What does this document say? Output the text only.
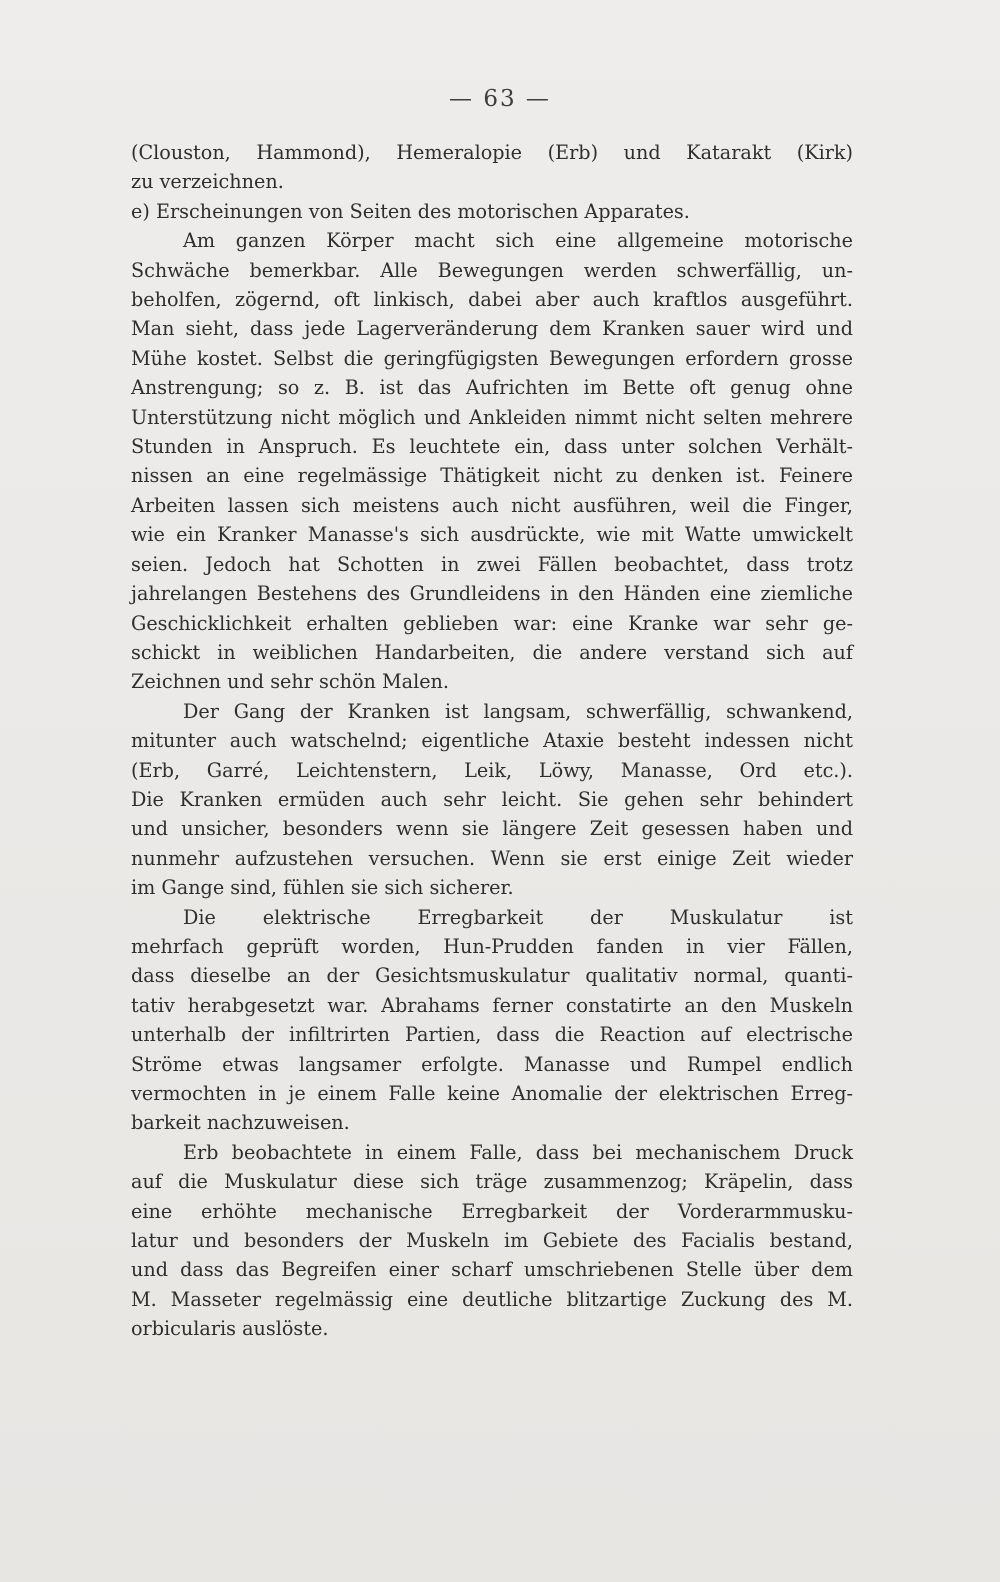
— 63 —
(Clouston, Hammond), Hemeralopie (Erb) und Katarakt (Kirk)
zu verzeichnen.
e) Erscheinungen von Seiten des motorischen Apparates.
Am ganzen Körper macht sich eine allgemeine motorische
Schwäche bemerkbar. Alle Bewegungen werden schwerfällig, un-
beholfen, zögernd, oft linkisch, dabei aber auch kraftlos ausgeführt.
Man sieht, dass jede Lagerveränderung dem Kranken sauer wird und
Mühe kostet. Selbst die geringfügigsten Bewegungen erfordern grosse
Anstrengung; so z. B. ist das Aufrichten im Bette oft genug ohne
Unterstützung nicht möglich und Ankleiden nimmt nicht selten mehrere
Stunden in Anspruch. Es leuchtete ein, dass unter solchen Verhält-
nissen an eine regelmässige Thätigkeit nicht zu denken ist. Feinere
Arbeiten lassen sich meistens auch nicht ausführen, weil die Finger,
wie ein Kranker Manasse's sich ausdrückte, wie mit Watte umwickelt
seien. Jedoch hat Schotten in zwei Fällen beobachtet, dass trotz
jahrelangen Bestehens des Grundleidens in den Händen eine ziemliche
Geschicklichkeit erhalten geblieben war: eine Kranke war sehr ge-
schickt in weiblichen Handarbeiten, die andere verstand sich auf
Zeichnen und sehr schön Malen.
Der Gang der Kranken ist langsam, schwerfällig, schwankend,
mitunter auch watschelnd; eigentliche Ataxie besteht indessen nicht
(Erb, Garré, Leichtenstern, Leik, Löwy, Manasse, Ord etc.).
Die Kranken ermüden auch sehr leicht. Sie gehen sehr behindert
und unsicher, besonders wenn sie längere Zeit gesessen haben und
nunmehr aufzustehen versuchen. Wenn sie erst einige Zeit wieder
im Gange sind, fühlen sie sich sicherer.
Die elektrische Erregbarkeit der Muskulatur ist
mehrfach geprüft worden, Hun-Prudden fanden in vier Fällen,
dass dieselbe an der Gesichtsmuskulatur qualitativ normal, quanti-
tativ herabgesetzt war. Abrahams ferner constatirte an den Muskeln
unterhalb der infiltrirten Partien, dass die Reaction auf electrische
Ströme etwas langsamer erfolgte. Manasse und Rumpel endlich
vermochten in je einem Falle keine Anomalie der elektrischen Erreg-
barkeit nachzuweisen.
Erb beobachtete in einem Falle, dass bei mechanischem Druck
auf die Muskulatur diese sich träge zusammenzog; Kräpelin, dass
eine erhöhte mechanische Erregbarkeit der Vorderarmmusku-
latur und besonders der Muskeln im Gebiete des Facialis bestand,
und dass das Begreifen einer scharf umschriebenen Stelle über dem
M. Masseter regelmässig eine deutliche blitzartige Zuckung des M.
orbicularis auslöste.
